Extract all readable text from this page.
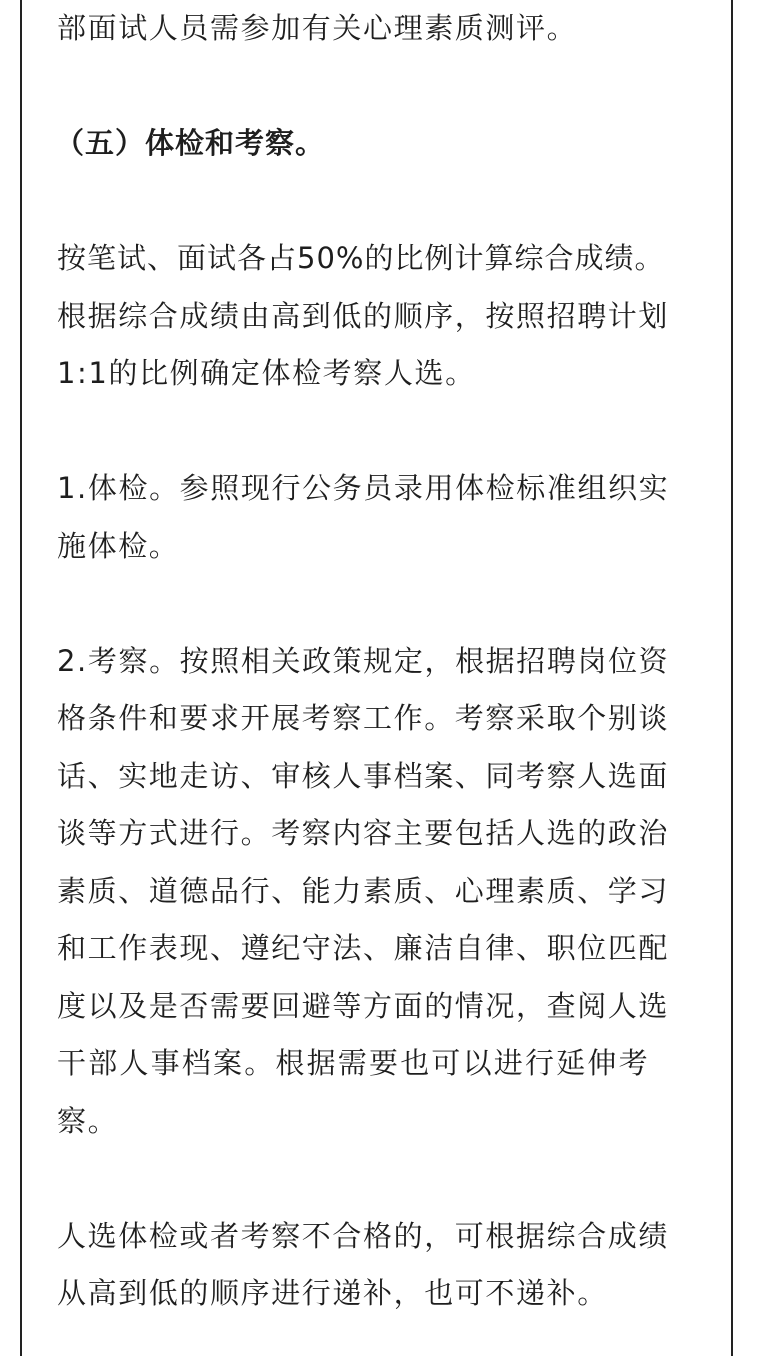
部面试人员需参加有关心理素质测评。
（五）体检和考察。
按笔试、面试各占50%的比例计算综合成绩。
根据综合成绩由高到低的顺序，按照招聘计划
1:1的比例确定体检考察人选。
1.体检。参照现行公务员录用体检标准组织实
施体检。
2.考察。按照相关政策规定，根据招聘岗位资
格条件和要求开展考察工作。考察采取个别谈
话、实地走访、审核人事档案、同考察人选面
谈等方式进行。考察内容主要包括人选的政治
素质、道德品行、能力素质、心理素质、学习
和工作表现、遵纪守法、廉洁自律、职位匹配
度以及是否需要回避等方面的情况，查阅人选
干部人事档案。根据需要也可以进行延伸考
察。
人选体检或者考察不合格的，可根据综合成绩
从高到低的顺序进行递补，也可不递补。
